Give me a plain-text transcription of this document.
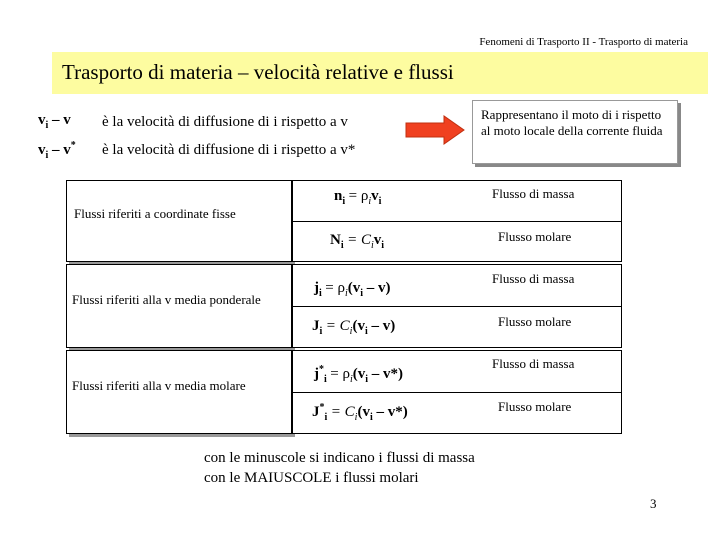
Fenomeni di Trasporto II - Trasporto di materia
Trasporto di materia – velocità relative e flussi
$v_i$ – v è la velocità di diffusione di i rispetto a v
$v_i - v^*$ è la velocità di diffusione di i rispetto a v*
Rappresentano il moto di i rispetto al moto locale della corrente fluida
Flussi riferiti a coordinate fisse
$n_i = \rho_iv_i$
Flusso di massa
$N_i = C_iv_i$
Flusso molare
Flussi riferiti alla v media ponderale
$j_i = \rho_i(v_i - v)$
Flusso di massa
$J_i = C_i(v_i - v)$	Flusso molare
Flussi riferiti alla v media molare
$j^*_i = \rho_i(v_i - v*)$
Flusso di massa
$J^*_i = C_i(v_i - v*)$	Flusso molare
con le minuscole si indicano i flussi di massa
con le MAIUSCOLE i flussi molari
3
